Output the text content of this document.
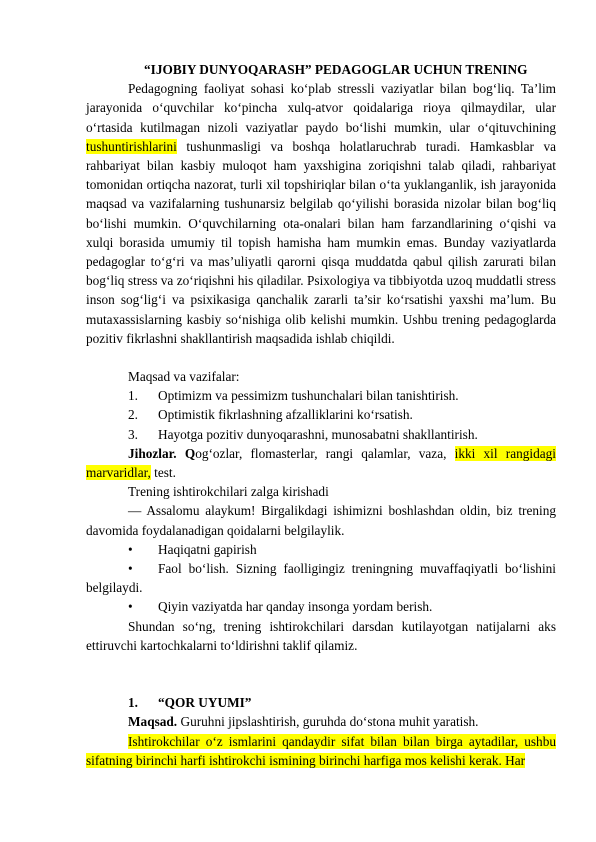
“IJOBIY DUNYOQARASH” PEDAGOGLAR UCHUN TRENING

Pedagogning faoliyat sohasi koʻplab stressli vaziyatlar bilan bogʻliq. Ta’lim jarayonida oʻquvchilar koʻpincha xulq-atvor qoidalariga rioya qilmaydilar, ular oʻrtasida kutilmagan nizoli vaziyatlar paydo boʻlishi mumkin, ular oʻqituvchining tushuntirishlarini tushunmasligi va boshqa holatlaruchrab turadi. Hamkasblar va rahbariyat bilan kasbiy muloqot ham yaxshigina zoriqishni talab qiladi, rahbariyat tomonidan ortiqcha nazorat, turli xil topshiriqlar bilan oʻta yuklanganlik, ish jarayonida maqsad va vazifalarning tushunarsiz belgilab qoʻyilishi borasida nizolar bilan bogʻliq boʻlishi mumkin. Oʻquvchilarning ota-onalari bilan ham farzandlarining oʻqishi va xulqi borasida umumiy til topish hamisha ham mumkin emas. Bunday vaziyatlarda pedagoglar toʻgʻri va mas’uliyatli qarorni qisqa muddatda qabul qilish zarurati bilan bogʻliq stress va zoʻriqishni his qiladilar. Psixologiya va tibbiyotda uzoq muddatli stress inson sogʻligʻi va psixikasiga qanchalik zararli ta’sir koʻrsatishi yaxshi ma’lum. Bu mutaxassislarning kasbiy soʻnishiga olib kelishi mumkin. Ushbu trening pedagoglarda pozitiv fikrlashni shakllantirish maqsadida ishlab chiqildi.

Maqsad va vazifalar:

1. Optimizm va pessimizm tushunchalari bilan tanishtirish.

2. Optimistik fikrlashning afzalliklarini koʻrsatish.

3. Hayotga pozitiv dunyoqarashni, munosabatni shakllantirish.

Jihozlar. Qogʻozlar, flomasterlar, rangi qalamlar, vaza, ikki xil rangidagi marvaridlar, test.

Trening ishtirokchilari zalga kirishadi

— Assalomu alaykum! Birgalikdagi ishimizni boshlashdan oldin, biz trening davomida foydalanadigan qoidalarni belgilaylik.

• Haqiqatni gapirish

• Faol boʻlish. Sizning faolligingiz treningning muvaffaqiyatli boʻlishini belgilaydi.

• Qiyin vaziyatda har qanday insonga yordam berish.

Shundan soʻng, trening ishtirokchilari darsdan kutilayotgan natijalarni aks ettiruvchi kartochkalarni toʻldirishni taklif qilamiz.

1. “QOR UYUMI”

Maqsad. Guruhni jipslashtirish, guruhda doʻstona muhit yaratish.

Ishtirokchilar oʻz ismlarini qandaydir sifat bilan bilan birga aytadilar, ushbu sifatning birinchi harfi ishtirokchi ismining birinchi harfiga mos kelishi kerak. Har
